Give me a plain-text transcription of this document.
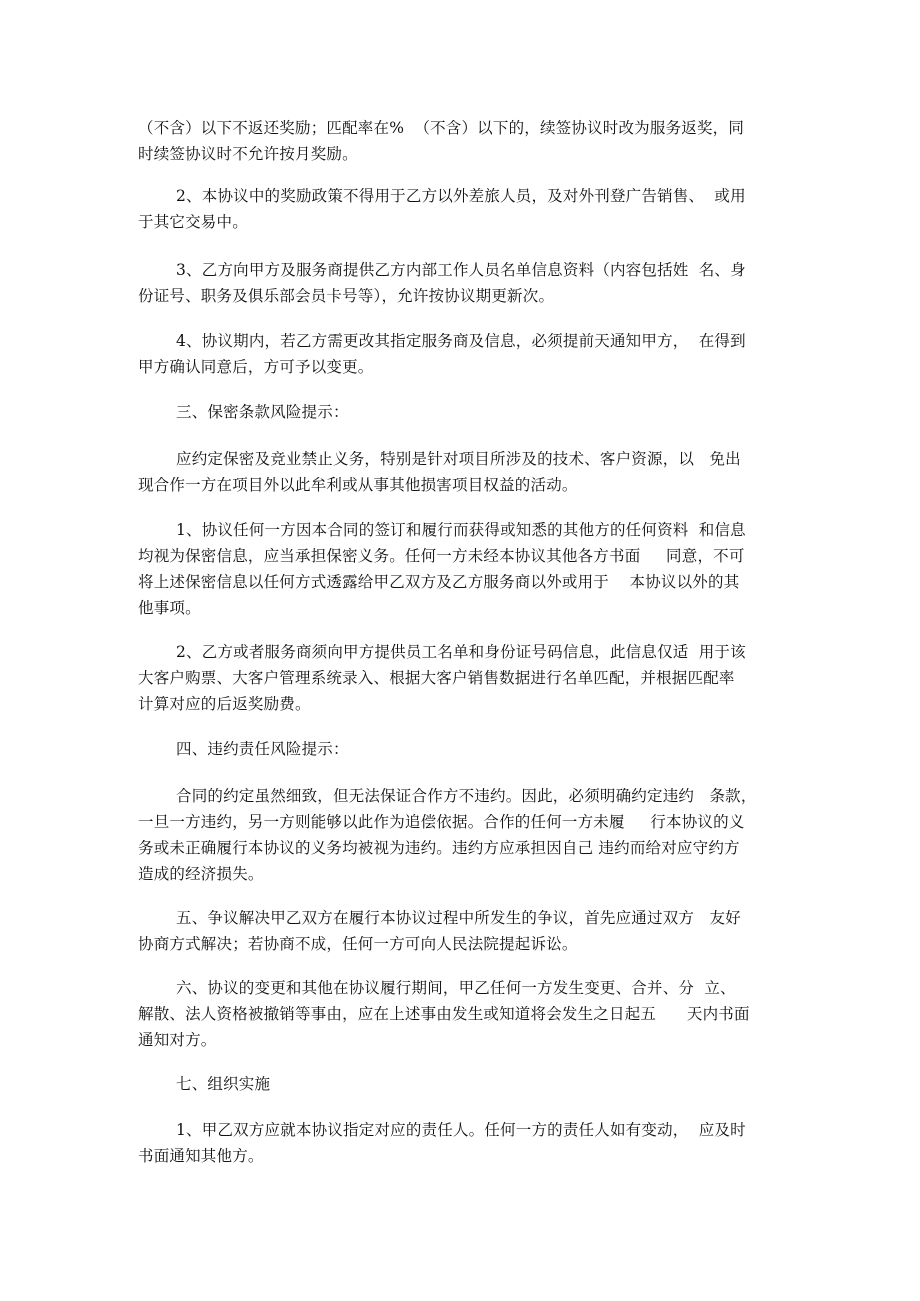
（不含）以下不返还奖励；匹配率在%  （不含）以下的，续签协议时改为服务返奖，同
时续签协议时不允许按月奖励。
2、本协议中的奖励政策不得用于乙方以外差旅人员，及对外刊登广告销售、  或用
于其它交易中。
3、乙方向甲方及服务商提供乙方内部工作人员名单信息资料（内容包括姓  名、身
份证号、职务及俱乐部会员卡号等），允许按协议期更新次。
4、协议期内，若乙方需更改其指定服务商及信息，必须提前天通知甲方，  在得到
甲方确认同意后，方可予以变更。
三、保密条款风险提示：
应约定保密及竞业禁止义务，特别是针对项目所涉及的技术、客户资源，以   免出
现合作一方在项目外以此牟利或从事其他损害项目权益的活动。
1、协议任何一方因本合同的签订和履行而获得或知悉的其他方的任何资料  和信息
均视为保密信息，应当承担保密义务。任何一方未经本协议其他各方书面     同意，不可
将上述保密信息以任何方式透露给甲乙双方及乙方服务商以外或用于    本协议以外的其
他事项。
2、乙方或者服务商须向甲方提供员工名单和身份证号码信息，此信息仅适  用于该
大客户购票、大客户管理系统录入、根据大客户销售数据进行名单匹配，并根据匹配率
计算对应的后返奖励费。
四、违约责任风险提示：
合同的约定虽然细致，但无法保证合作方不违约。因此，必须明确约定违约   条款，
一旦一方违约，另一方则能够以此作为追偿依据。合作的任何一方未履     行本协议的义
务或未正确履行本协议的义务均被视为违约。违约方应承担因自己 违约而给对应守约方
造成的经济损失。
五、争议解决甲乙双方在履行本协议过程中所发生的争议，首先应通过双方   友好
协商方式解决；若协商不成，任何一方可向人民法院提起诉讼。
六、协议的变更和其他在协议履行期间，甲乙任何一方发生变更、合并、分  立、
解散、法人资格被撤销等事由，应在上述事由发生或知道将会发生之日起五      天内书面
通知对方。
七、组织实施
1、甲乙双方应就本协议指定对应的责任人。任何一方的责任人如有变动，  应及时
书面通知其他方。
